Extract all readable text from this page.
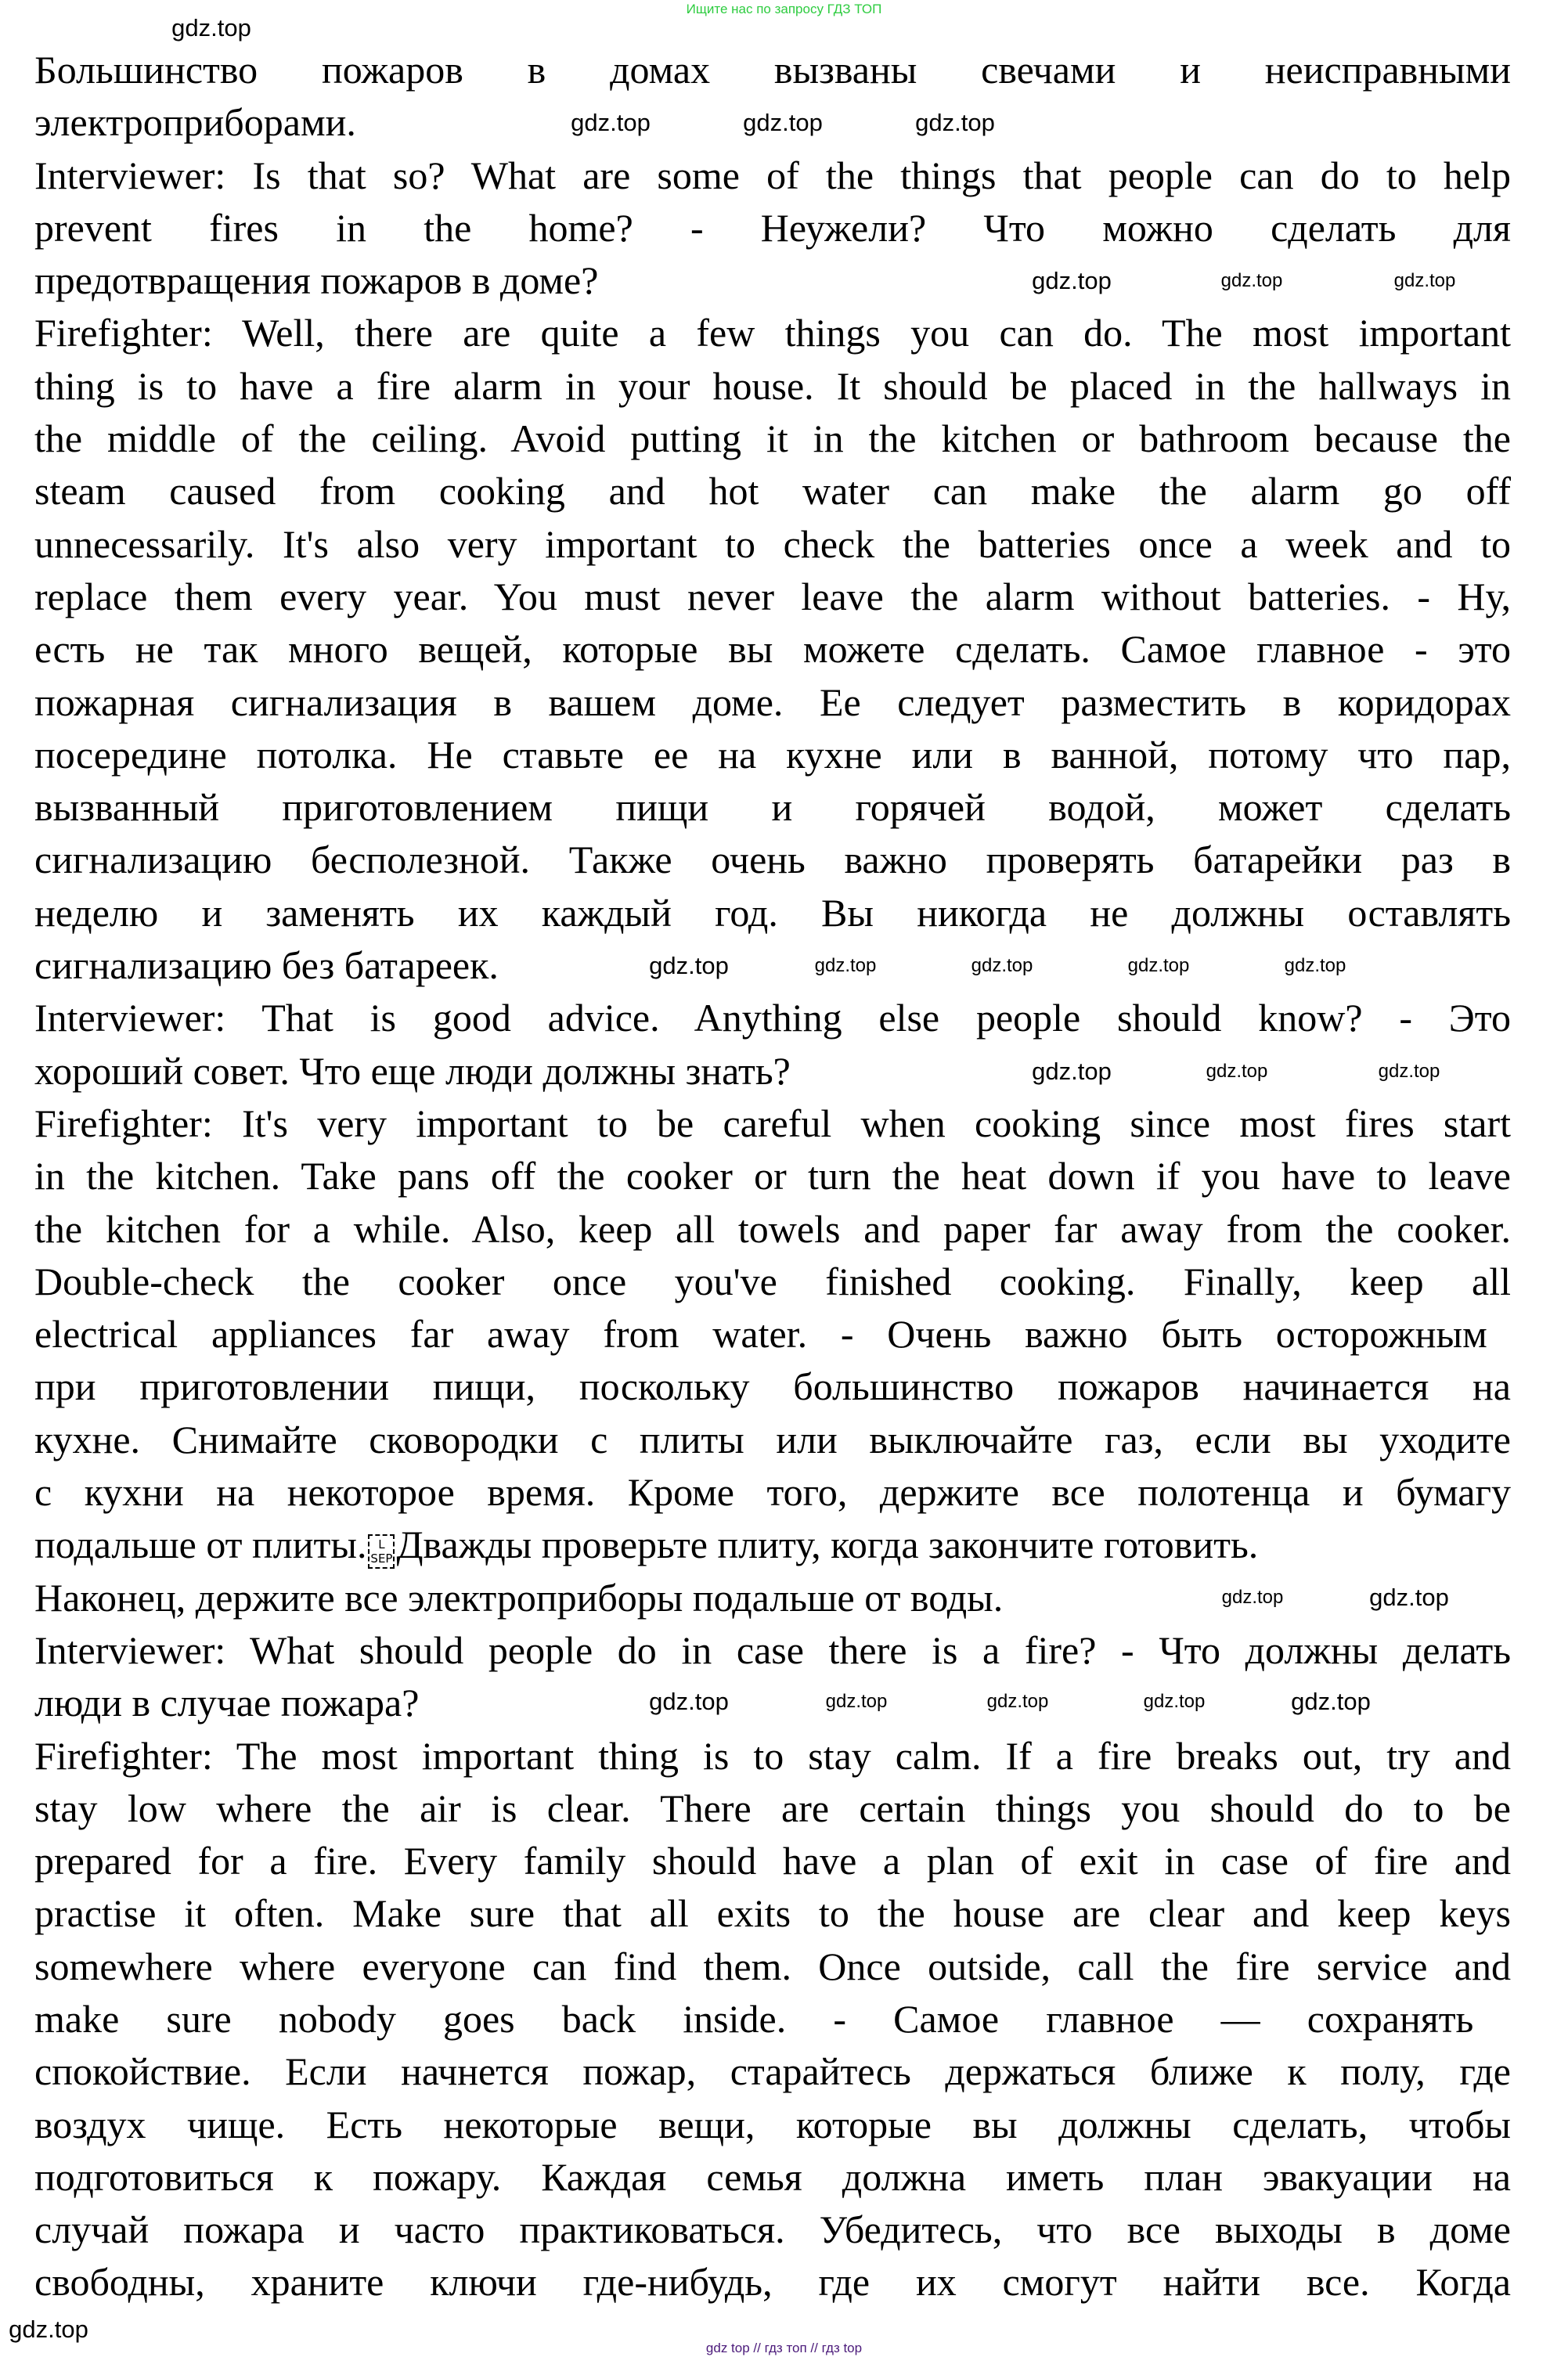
Ищите нас по запросу ГДЗ ТОП
Большинство пожаров в домах вызваны свечами и неисправными
электроприборами.
Interviewer: Is that so? What are some of the things that people can do to help
prevent fires in the home? - Неужели? Что можно сделать для
предотвращения пожаров в доме?
Firefighter: Well, there are quite a few things you can do. The most important
thing is to have a fire alarm in your house. It should be placed in the hallways in
the middle of the ceiling. Avoid putting it in the kitchen or bathroom because the
steam caused from cooking and hot water can make the alarm go off
unnecessarily. It's also very important to check the batteries once a week and to
replace them every year. You must never leave the alarm without batteries. - Ну,
есть не так много вещей, которые вы можете сделать. Самое главное - это
пожарная сигнализация в вашем доме. Ее следует разместить в коридорах
посередине потолка. Не ставьте ее на кухне или в ванной, потому что пар,
вызванный приготовлением пищи и горячей водой, может сделать
сигнализацию бесполезной. Также очень важно проверять батарейки раз в
неделю и заменять их каждый год. Вы никогда не должны оставлять
сигнализацию без батареек.
Interviewer: That is good advice. Anything else people should know? - Это
хороший совет. Что еще люди должны знать?
Firefighter: It's very important to be careful when cooking since most fires start
in the kitchen. Take pans off the cooker or turn the heat down if you have to leave
the kitchen for a while. Also, keep all towels and paper far away from the cooker.
Double-check the cooker once you've finished cooking. Finally, keep all
electrical appliances far away from water. - Очень важно быть осторожным
при приготовлении пищи, поскольку большинство пожаров начинается на
кухне. Снимайте сковородки с плиты или выключайте газ, если вы уходите
с кухни на некоторое время. Кроме того, держите все полотенца и бумагу
подальше от плиты. L
SEP Дважды проверьте плиту, когда закончите готовить.
Наконец, держите все электроприборы подальше от воды.
Interviewer: What should people do in case there is a fire? - Что должны делать
люди в случае пожара?
Firefighter: The most important thing is to stay calm. If a fire breaks out, try and
stay low where the air is clear. There are certain things you should do to be
prepared for a fire. Every family should have a plan of exit in case of fire and
practise it often. Make sure that all exits to the house are clear and keep keys
somewhere where everyone can find them. Once outside, call the fire service and
make sure nobody goes back inside. - Самое главное — сохранять
спокойствие. Если начнется пожар, старайтесь держаться ближе к полу, где
воздух чище. Есть некоторые вещи, которые вы должны сделать, чтобы
подготовиться к пожару. Каждая семья должна иметь план эвакуации на
случай пожара и часто практиковаться. Убедитесь, что все выходы в доме
свободны, храните ключи где-нибудь, где их смогут найти все. Когда
gdz top // гдз топ // гдз top
gdz.top
gdz.top	gdz.top	gdz.top
gdz.top	gdz.top	gdz.top
gdz.top	gdz.top	gdz.top	gdz.top	gdz.top
gdz.top	gdz.top	gdz.top
gdz.top	gdz.top
gdz.top	gdz.top	gdz.top	gdz.top	gdz.top
gdz.top
